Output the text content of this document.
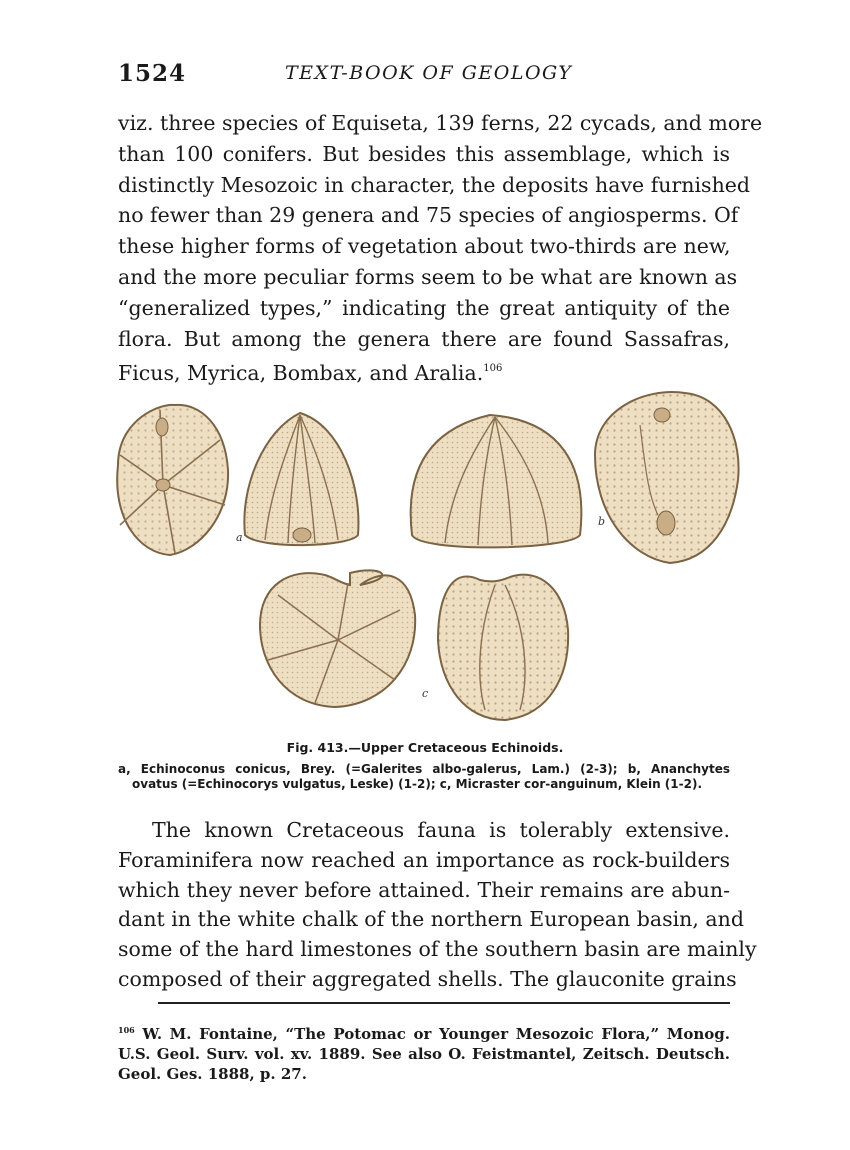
1524	TEXT-BOOK OF GEOLOGY
viz. three species of Equiseta, 139 ferns, 22 cycads, and more
than 100 conifers. But besides this assemblage, which is
distinctly Mesozoic in character, the deposits have furnished
no fewer than 29 genera and 75 species of angiosperms. Of
these higher forms of vegetation about two-thirds are new,
and the more peculiar forms seem to be what are known as
“generalized types,” indicating the great antiquity of the
flora. But among the genera there are found Sassafras,
Ficus, Myrica, Bombax, and Aralia.$^{106}$
a
b
c
Fig. 413.—Upper Cretaceous Echinoids.
a, Echinoconus conicus, Brey. (=Galerites albo-galerus, Lam.) (2-3); b, Ananchytes
ovatus (=Echinocorys vulgatus, Leske) (1-2); c, Micraster cor-anguinum, Klein (1-2).
The known Cretaceous fauna is tolerably extensive.
Foraminifera now reached an importance as rock-builders
which they never before attained. Their remains are abun-
dant in the white chalk of the northern European basin, and
some of the hard limestones of the southern basin are mainly
composed of their aggregated shells. The glauconite grains
$^{106}$ W. M. Fontaine, “The Potomac or Younger Mesozoic Flora,” Monog.
U.S. Geol. Surv. vol. xv. 1889. See also O. Feistmantel, Zeitsch. Deutsch.
Geol. Ges. 1888, p. 27.
